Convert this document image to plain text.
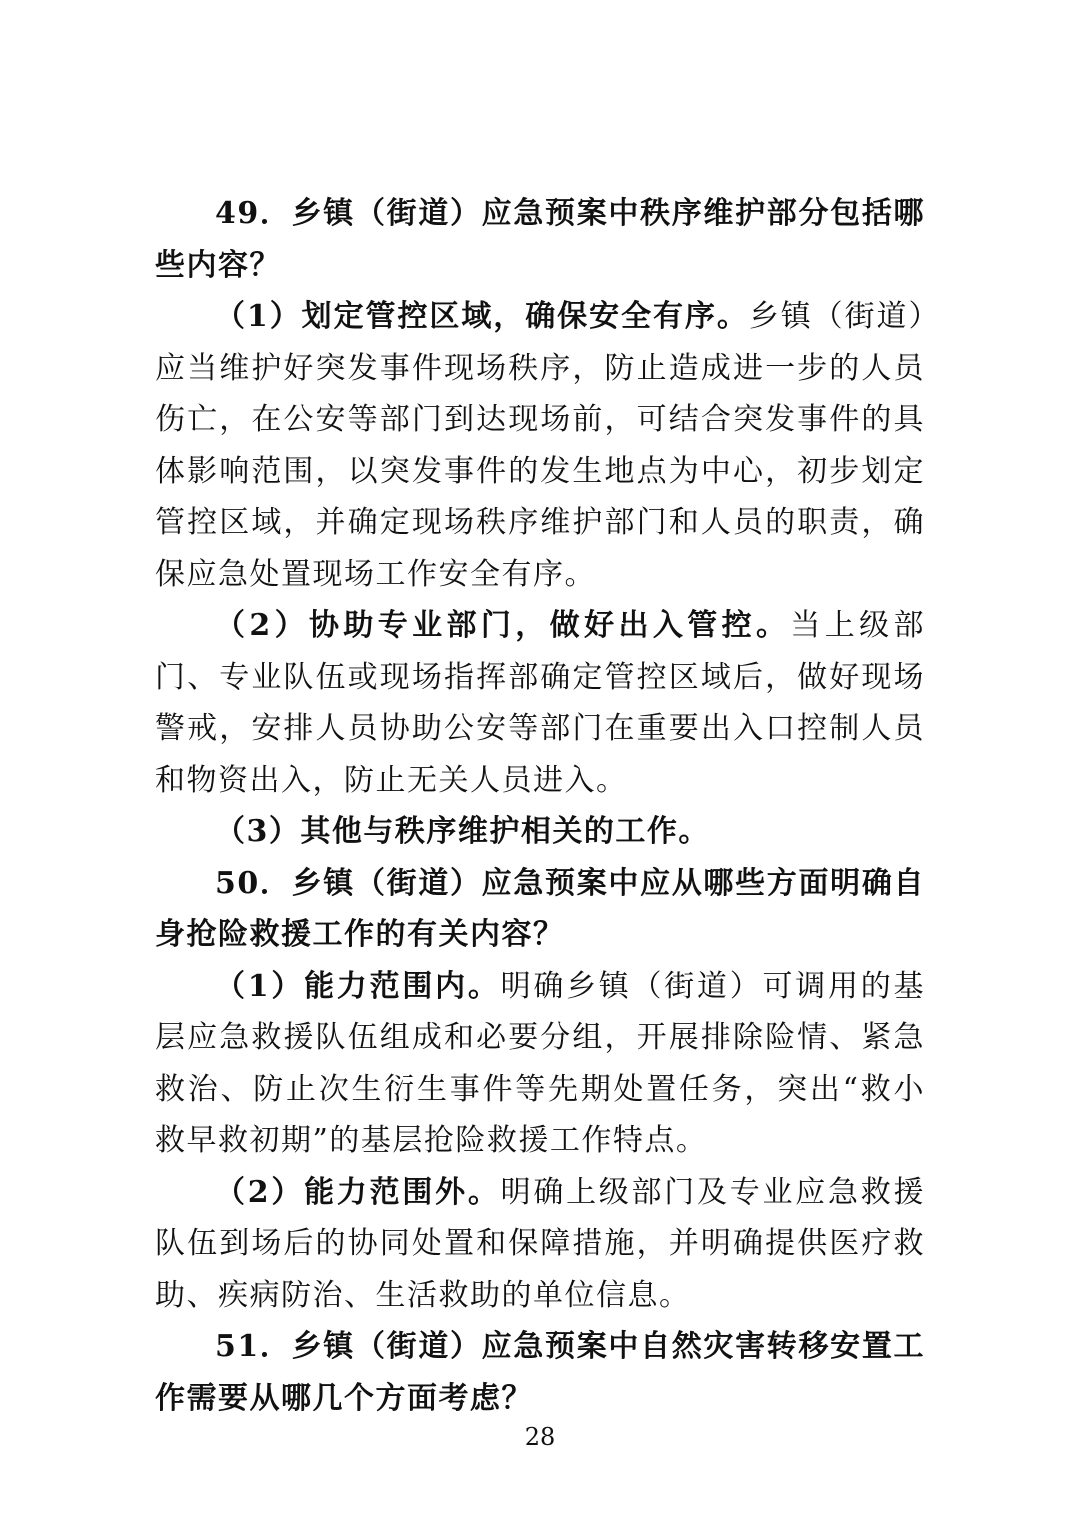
49．乡镇（街道）应急预案中秩序维护部分包括哪些内容？

（1）划定管控区域，确保安全有序。乡镇（街道）应当维护好突发事件现场秩序，防止造成进一步的人员伤亡，在公安等部门到达现场前，可结合突发事件的具体影响范围，以突发事件的发生地点为中心，初步划定管控区域，并确定现场秩序维护部门和人员的职责，确保应急处置现场工作安全有序。

（2）协助专业部门，做好出入管控。当上级部门、专业队伍或现场指挥部确定管控区域后，做好现场警戒，安排人员协助公安等部门在重要出入口控制人员和物资出入，防止无关人员进入。

（3）其他与秩序维护相关的工作。

50．乡镇（街道）应急预案中应从哪些方面明确自身抢险救援工作的有关内容？

（1）能力范围内。明确乡镇（街道）可调用的基层应急救援队伍组成和必要分组，开展排除险情、紧急救治、防止次生衍生事件等先期处置任务，突出“救小救早救初期”的基层抢险救援工作特点。

（2）能力范围外。明确上级部门及专业应急救援队伍到场后的协同处置和保障措施，并明确提供医疗救助、疾病防治、生活救助的单位信息。

51．乡镇（街道）应急预案中自然灾害转移安置工作需要从哪几个方面考虑？

28
